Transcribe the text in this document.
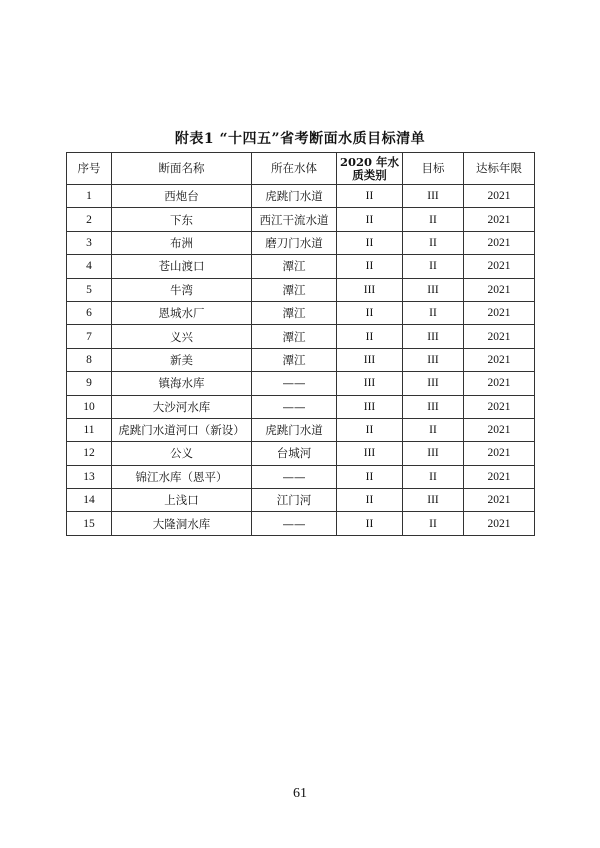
附表1 “十四五”省考断面水质目标清单
序号	断面名称	所在水体	2020 年水质类别	目标	达标年限
1	西炮台	虎跳门水道	II	III	2021
2	下东	西江干流水道	II	II	2021
3	布洲	磨刀门水道	II	II	2021
4	苍山渡口	潭江	II	II	2021
5	牛湾	潭江	III	III	2021
6	恩城水厂	潭江	II	II	2021
7	义兴	潭江	II	III	2021
8	新美	潭江	III	III	2021
9	镇海水库	——	III	III	2021
10	大沙河水库	——	III	III	2021
11	虎跳门水道河口（新设）	虎跳门水道	II	II	2021
12	公义	台城河	III	III	2021
13	锦江水库（恩平）	——	II	II	2021
14	上浅口	江门河	II	III	2021
15	大隆洞水库	——	II	II	2021
61
